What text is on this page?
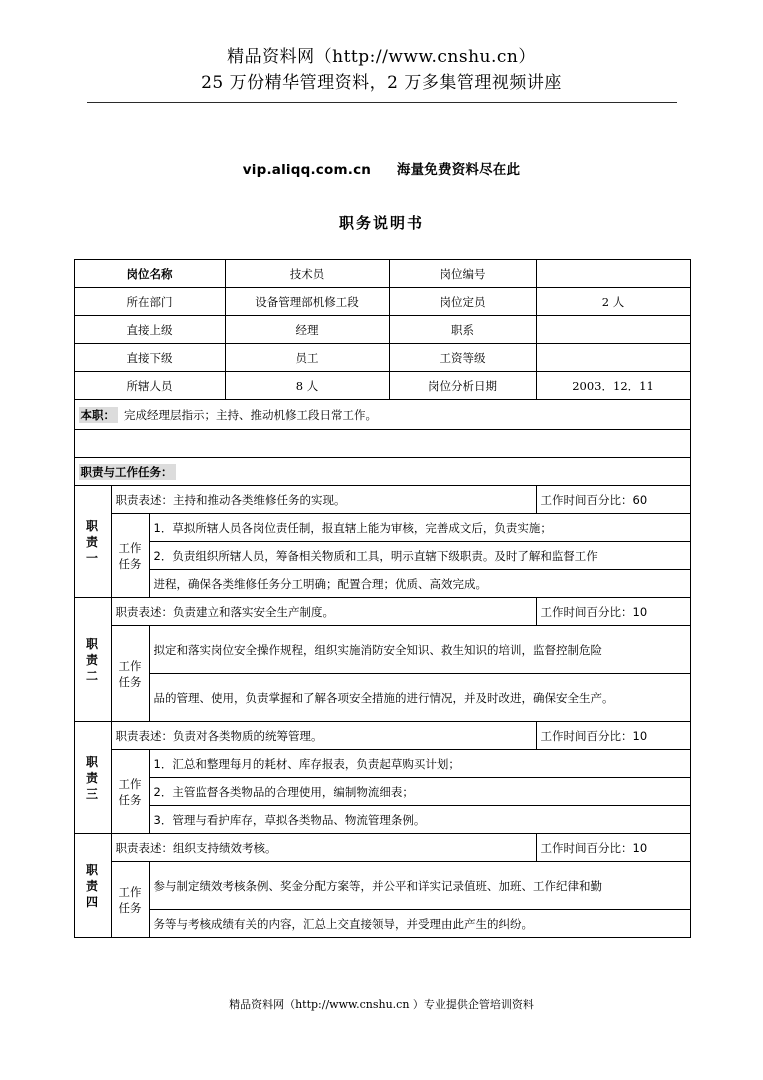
精品资料网（http://www.cnshu.cn）
25 万份精华管理资料，2 万多集管理视频讲座
vip.aliqq.com.cn 海量免费资料尽在此
职务说明书
岗位名称			技术员	岗位编号	
所在部门			设备管理部机修工段	岗位定员	2 人
直接上级			经理	职系	
直接下级			员工	工资等级	
所辖人员			8 人	岗位分析日期	2003．12．11
本职： 完成经理层指示；主持、推动机修工段日常工作。					

职责与工作任务：					

职
责
一	职责表述：主持和推动各类维修任务的实现。				工作时间百分比：60

	工作
任务	1．草拟所辖人员各岗位责任制，报直辖上能为审核，完善成文后，负责实施；			
		2．负责组织所辖人员，筹备相关物质和工具，明示直辖下级职责。及时了解和监督工作			
		进程，确保各类维修任务分工明确；配置合理；优质、高效完成。			

职
责
二	职责表述：负责建立和落实安全生产制度。				工作时间百分比：10

	工作
任务	拟定和落实岗位安全操作规程，组织实施消防安全知识、救生知识的培训，监督控制危险			
		品的管理、使用，负责掌握和了解各项安全措施的进行情况，并及时改进，确保安全生产。			

职
责
三	职责表述：负责对各类物质的统筹管理。				工作时间百分比：10

	工作
任务	1．汇总和整理每月的耗材、库存报表，负责起草购买计划；			
		2．主管监督各类物品的合理使用，编制物流细表；			
		3．管理与看护库存，草拟各类物品、物流管理条例。			

职
责
四	职责表述：组织支持绩效考核。				工作时间百分比：10

	工作
任务	参与制定绩效考核条例、奖金分配方案等，并公平和详实记录值班、加班、工作纪律和勤			
		务等与考核成绩有关的内容，汇总上交直接领导，并受理由此产生的纠纷。			
精品资料网（http://www.cnshu.cn ）专业提供企管培训资料
